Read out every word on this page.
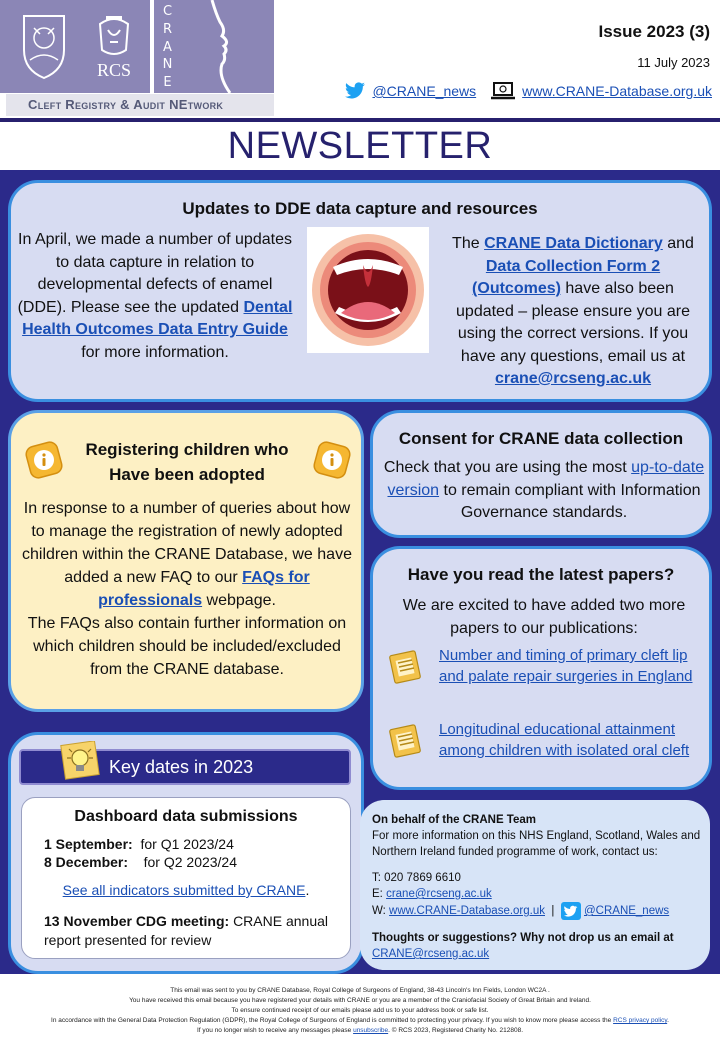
RCS
C
R
A
N
E
Cleft Registry & Audit NEtwork
Issue 2023 (3)
11 July 2023
@CRANE_news	www.CRANE-Database.org.uk
NEWSLETTER
Updates to DDE data capture and resources
In April, we made a number of updates to data capture in relation to developmental defects of enamel (DDE). Please see the updated Dental Health Outcomes Data Entry Guide for more information.
The CRANE Data Dictionary and Data Collection Form 2 (Outcomes) have also been updated – please ensure you are using the correct versions. If you have any questions, email us at crane@rcseng.ac.uk
Registering children who
Have been adopted
In response to a number of queries about how to manage the registration of newly adopted children within the CRANE Database, we have added a new FAQ to our FAQs for professionals webpage.
The FAQs also contain further information on which children should be included/excluded from the CRANE database.
Consent for CRANE data collection
Check that you are using the most up-to-date version to remain compliant with Information Governance standards.
Have you read the latest papers?
We are excited to have added two more papers to our publications:
Number and timing of primary cleft lip and palate repair surgeries in England
Longitudinal educational attainment among children with isolated oral cleft
Key dates in 2023
Dashboard data submissions
1 September: for Q1 2023/24
8 December: for Q2 2023/24
See all indicators submitted by CRANE.
13 November CDG meeting: CRANE annual report presented for review

On behalf of the CRANE Team

For more information on this NHS England, Scotland, Wales and Northern Ireland funded programme of work, contact us:

T: 020 7869 6610

E: crane@rcseng.ac.uk

W:
www.CRANE-Database.org.uk
|

	@CRANE_news

Thoughts or suggestions? Why not drop us an email at

CRANE@rcseng.ac.uk

This email was sent to you by CRANE Database, Royal College of Surgeons of England, 38-43 Lincoln's Inn Fields, London WC2A .
You have received this email because you have registered your details with CRANE or you are a member of the Craniofacial Society of Great Britain and Ireland.
To ensure continued receipt of our emails please add us to your address book or safe list.
In accordance with the General Data Protection Regulation (GDPR), the Royal College of Surgeons of England is committed to protecting your privacy. If you wish to know more please access the RCS privacy policy.
If you no longer wish to receive any messages please unsubscribe. © RCS 2023, Registered Charity No. 212808.
